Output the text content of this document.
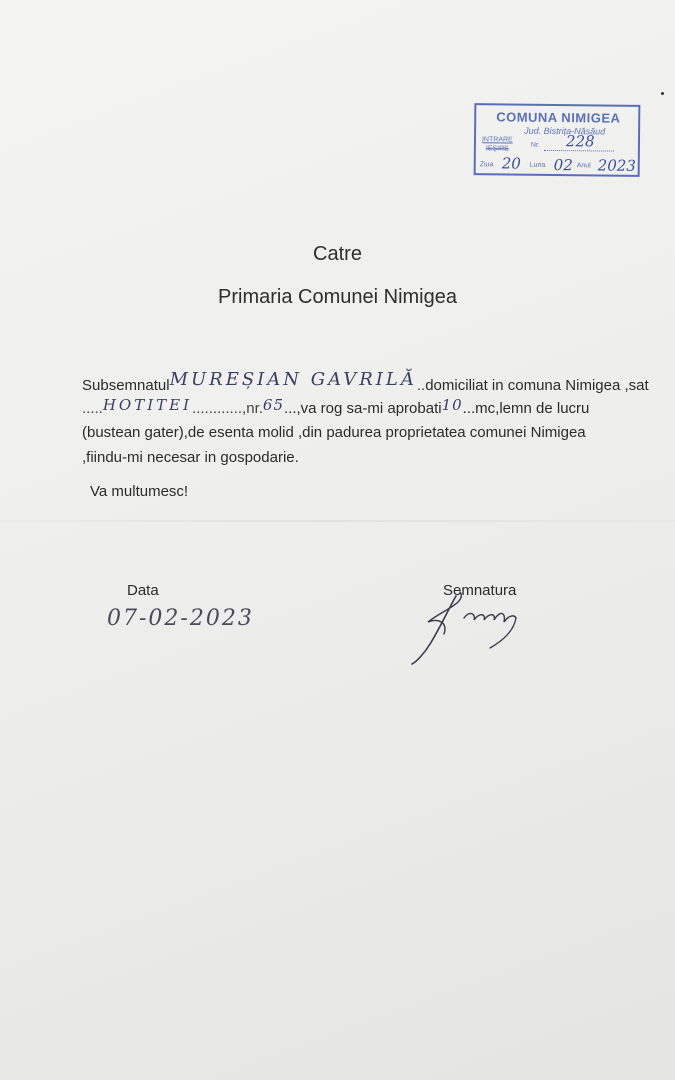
COMUNA NIMIGEA
Jud. Bistrița-Năsăud
INTRARE
IEȘIRE	Nr. 228
Ziua 20 Luna 02 Anul 2023
Catre
Primaria Comunei Nimigea
SubsemnatulMUREȘIAN GAVRILĂ..domiciliat in comuna Nimigea ,sat
.....HOTITEI............,nr.65...,va rog sa-mi aprobati10...mc,lemn de lucru
(bustean gater),de esenta molid ,din padurea proprietatea comunei Nimigea
,fiindu-mi necesar in gospodarie.
Va multumesc!
Data
07-02-2023
Semnatura
